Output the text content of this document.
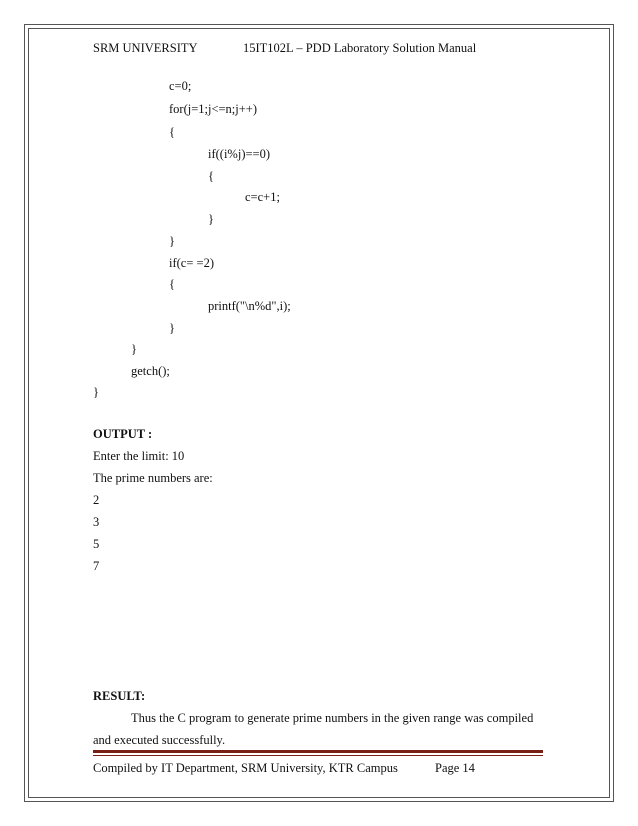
SRM UNIVERSITY	15IT102L – PDD Laboratory Solution Manual
c=0;
for(j=1;j<=n;j++)
{
if((i%j)==0)
{
c=c+1;
}
}
if(c= =2)
{
printf("\n%d",i);
}
}
getch();
}
OUTPUT :
Enter the limit: 10
The prime numbers are:
2
3
5
7
RESULT:
Thus the C program to generate prime numbers in the given range was compiled
and executed successfully.
Compiled by IT Department, SRM University, KTR Campus	Page 14
